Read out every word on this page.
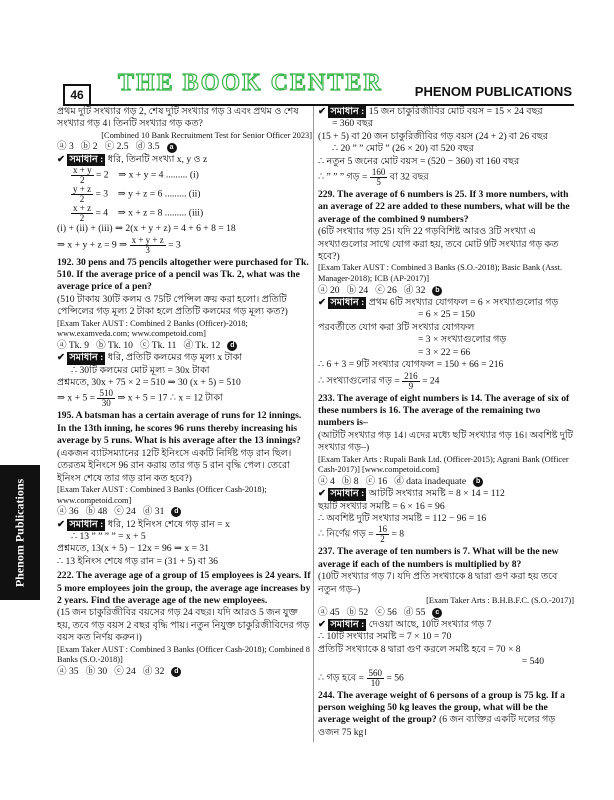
46	THE BOOK CENTER PHENOM PUBLICATIONS
Phenom Publications
প্রথম দুটি সংখ্যার গড় 2, শেষ দুটি সংখ্যার গড় 3 এবং প্রথম ও শেষ সংখ্যার গড় 4। তিনটি সংখ্যার গড় কত?
[Combined 10 Bank Recruitment Test for Senior Officer 2023]
ⓐ 3 ⓑ 2 ⓒ 2.5 ⓓ 3.5	a
✔ সমাধান : ধরি, তিনটি সংখ্যা x, y ও z
$\frac{x + y}{2} = 2$ ⇒ x + y = 4 ......... (i)
$\frac{y + z}{2} = 3$ ⇒ y + z = 6 ......... (ii)
$\frac{x + z}{2} = 4$ ⇒ x + z = 8 ......... (iii)
(i) + (ii) + (iii) ⇒ 2(x + y + z) = 4 + 6 + 8 = 18
⇒ x + y + z = 9 ⇒ $\frac{x + y + z}{3} = 3$
192. 30 pens and 75 pencils altogether were purchased for Tk. 510. If the average price of a pencil was Tk. 2, what was the average price of a pen?
(510 টাকায় 30টি কলম ও 75টি পেন্সিল ক্রয় করা হলো। প্রতিটি পেন্সিলের গড় মূল্য 2 টাকা হলে প্রতিটি কলমের গড় মূল্য কত?)
[Exam Taker AUST : Combined 2 Banks (Officer)-2018; www.examveda.com; www.competoid.com]
ⓐ Tk. 9 ⓑ Tk. 10 ⓒ Tk. 11 ⓓ Tk. 12	d
✔ সমাধান : ধরি, প্রতিটি কলমের গড় মূল্য x টাকা
∴ 30টি কলমের মোট মূল্য = 30x টাকা
প্রশ্নমতে, 30x + 75 × 2 = 510 ⇒ 30 (x + 5) = 510
⇒ $x + 5 = \frac{510}{30}$ ⇒ x + 5 = 17 ∴ x = 12 টাকা
195. A batsman has a certain average of runs for 12 innings. In the 13th inning, he scores 96 runs thereby increasing his average by 5 runs. What is his average after the 13 innings?
(একজন ব্যাটসম্যানের 12টি ইনিংসে একটি নির্দিষ্ট গড় রান ছিল। তেরতম ইনিংসে 96 রান করায় তার গড় 5 রান বৃদ্ধি পেল। তেরো ইনিংস শেষে তার গড় রান কত হবে?)
[Exam Taker AUST : Combined 3 Banks (Officer Cash-2018); www.competoid.com]
ⓐ 36 ⓑ 48 ⓒ 24 ⓓ 31	d
✔ সমাধান : ধরি, 12 ইনিংস শেষে গড় রান = x
∴ 13 ” ” ” ” = x + 5
প্রশ্নমতে, 13(x + 5) − 12x = 96 ⇒ x = 31
∴ 13 ইনিংস শেষে গড় রান = (31 + 5) বা 36
222. The average age of a group of 15 employees is 24 years. If 5 more employees join the group, the average age increases by 2 years. Find the average age of the new employees.
(15 জন চাকুরিজীবির বয়সের গড় 24 বছর। যদি আরও 5 জন যুক্ত হয়, তবে গড় বয়স 2 বছর বৃদ্ধি পায়। নতুন নিযুক্ত চাকুরিজীবিদের গড় বয়স কত নির্ণয় করুন।)
[Exam Taker AUST : Combined 3 Banks (Officer Cash-2018); Combined 8 Banks (S.O.-2018)]
ⓐ 35 ⓑ 30 ⓒ 24 ⓓ 32	d
✔ সমাধান : 15 জন চাকুরিজীবির মোট বয়স = 15 × 24 বছর
= 360 বছর
(15 + 5) বা 20 জন চাকুরিজীবির গড় বয়স (24 + 2) বা 26 বছর
∴ 20 ” ” মোট ” (26 × 20) বা 520 বছর
∴ নতুন 5 জনের মোট বয়স = (520 − 360) বা 160 বছর
∴ ” ” ” গড় = $\frac{160}{5}$ বা 32 বছর
229. The average of 6 numbers is 25. If 3 more numbers, with an average of 22 are added to these numbers, what will be the average of the combined 9 numbers?
(6টি সংখ্যার গড় 25। যদি 22 গড়বিশিষ্ট আরও 3টি সংখ্যা এ সংখ্যাগুলোর সাথে যোগ করা হয়, তবে মোট 9টি সংখ্যার গড় কত হবে?)
[Exam Taker AUST : Combined 3 Banks (S.O.-2018); Basic Bank (Asst. Manager-2018); ICB (AP-2017)]
ⓐ 20 ⓑ 24 ⓒ 26 ⓓ 32	b
✔ সমাধান : প্রথম 6টি সংখ্যার যোগফল = 6 × সংখ্যাগুলোর গড়
= 6 × 25 = 150
পরবর্তীতে যোগ করা 3টি সংখ্যার যোগফল
= 3 × সংখ্যাগুলোর গড়
= 3 × 22 = 66
∴ 6 + 3 = 9টি সংখ্যার যোগফল = 150 + 66 = 216
∴ সংখ্যাগুলোর গড় = $\frac{216}{9} = 24$
233. The average of eight numbers is 14. The average of six of these numbers is 16. The average of the remaining two numbers is–
(আটটি সংখ্যার গড় 14। এদের মধ্যে ছটি সংখ্যার গড় 16। অবশিষ্ট দুটি সংখ্যার গড়–)
[Exam Taker Arts : Rupali Bank Ltd. (Officer-2015); Agrani Bank (Officer Cash-2017)] [www.competoid.com]
ⓐ 4 ⓑ 8 ⓒ 16 ⓓ data inadequate	b
✔ সমাধান : আটটি সংখ্যার সমষ্টি = 8 × 14 = 112
ছয়টি সংখ্যার সমষ্টি = 6 × 16 = 96
∴ অবশিষ্ট দুটি সংখ্যার সমষ্টি = 112 − 96 = 16
∴ নির্ণেয় গড় = $\frac{16}{2} = 8$
237. The average of ten numbers is 7. What will be the new average if each of the numbers is multiplied by 8?
(10টি সংখ্যার গড় 7। যদি প্রতি সংখ্যাকে 8 দ্বারা গুণ করা হয় তবে নতুন গড়–)
[Exam Taker Arts : B.H.B.F.C. (S.O.-2017)]
ⓐ 45 ⓑ 52 ⓒ 56 ⓓ 55	c
✔ সমাধান : দেওয়া আছে, 10টি সংখ্যার গড় 7
∴ 10টি সংখ্যার সমষ্টি = 7 × 10 = 70
প্রতিটি সংখ্যাকে 8 দ্বারা গুণ করলে সমষ্টি হবে = 70 × 8
= 540
∴ গড় হবে = $\frac{560}{10} = 56$
244. The average weight of 6 persons of a group is 75 kg. If a person weighing 50 kg leaves the group, what will be the average weight of the group? (6 জন ব্যক্তির একটি দলের গড় ওজন 75 kg।
